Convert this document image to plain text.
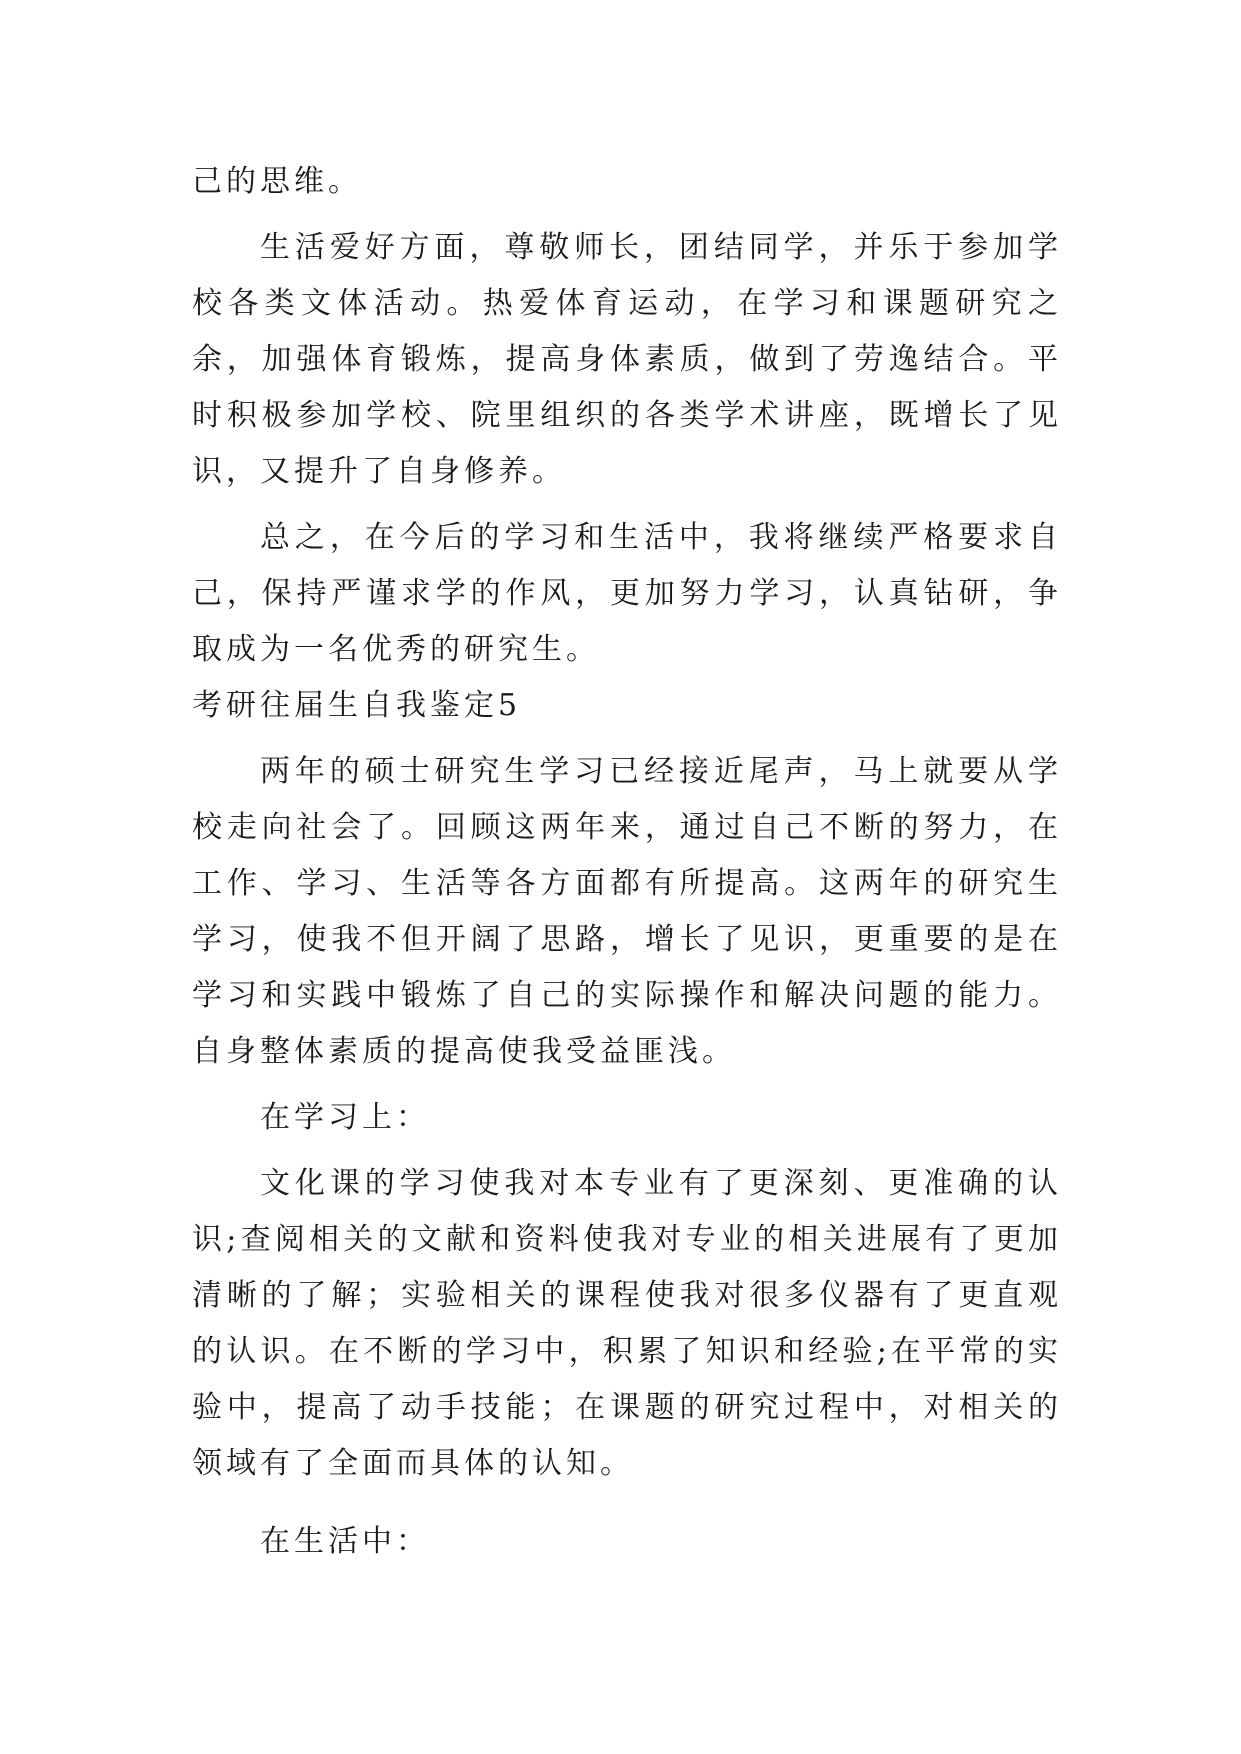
己的思维。

生活爱好方面，尊敬师长，团结同学，并乐于参加学校各类文体活动。热爱体育运动，在学习和课题研究之余，加强体育锻炼，提高身体素质，做到了劳逸结合。平时积极参加学校、院里组织的各类学术讲座，既增长了见识，又提升了自身修养。

总之，在今后的学习和生活中，我将继续严格要求自己，保持严谨求学的作风，更加努力学习，认真钻研，争取成为一名优秀的研究生。

考研往届生自我鉴定5

两年的硕士研究生学习已经接近尾声，马上就要从学校走向社会了。回顾这两年来，通过自己不断的努力，在工作、学习、生活等各方面都有所提高。这两年的研究生学习，使我不但开阔了思路，增长了见识，更重要的是在学习和实践中锻炼了自己的实际操作和解决问题的能力。自身整体素质的提高使我受益匪浅。

在学习上：

文化课的学习使我对本专业有了更深刻、更准确的认识;查阅相关的文献和资料使我对专业的相关进展有了更加清晰的了解；实验相关的课程使我对很多仪器有了更直观的认识。在不断的学习中，积累了知识和经验;在平常的实验中，提高了动手技能；在课题的研究过程中，对相关的领域有了全面而具体的认知。

在生活中：
